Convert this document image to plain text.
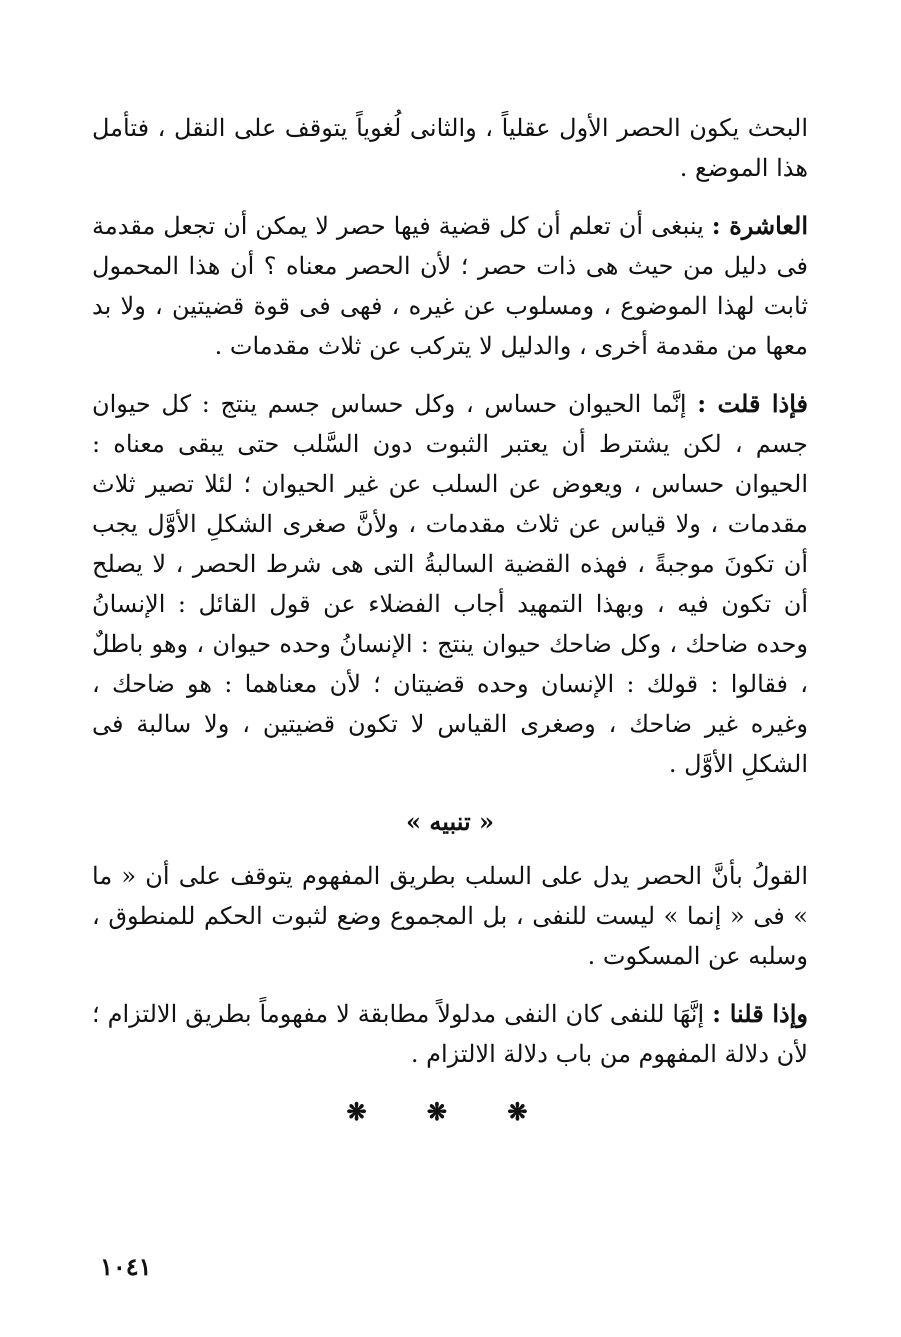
البحث يكون الحصر الأول عقلياً ، والثانى لُغوياً يتوقف على النقل ، فتأمل هذا الموضع .

العاشرة : ينبغى أن تعلم أن كل قضية فيها حصر لا يمكن أن تجعل مقدمة فى دليل من حيث هى ذات حصر ؛ لأن الحصر معناه ؟ أن هذا المحمول ثابت لهذا الموضوع ، ومسلوب عن غيره ، فهى فى قوة قضيتين ، ولا بد معها من مقدمة أخرى ، والدليل لا يتركب عن ثلاث مقدمات .

فإذا قلت : إنَّما الحيوان حساس ، وكل حساس جسم ينتج : كل حيوان جسم ، لكن يشترط أن يعتبر الثبوت دون السَّلب حتى يبقى معناه : الحيوان حساس ، ويعوض عن السلب عن غير الحيوان ؛ لئلا تصير ثلاث مقدمات ، ولا قياس عن ثلاث مقدمات ، ولأنَّ صغرى الشكلِ الأوَّل يجب أن تكونَ موجبةً ، فهذه القضية السالبةُ التى هى شرط الحصر ، لا يصلح أن تكون فيه ، وبهذا التمهيد أجاب الفضلاء عن قول القائل : الإنسانُ وحده ضاحك ، وكل ضاحك حيوان ينتج : الإنسانُ وحده حيوان ، وهو باطلٌ ، فقالوا : قولك : الإنسان وحده قضيتان ؛ لأن معناهما : هو ضاحك ، وغيره غير ضاحك ، وصغرى القياس لا تكون قضيتين ، ولا سالبة فى الشكلِ الأوَّل .

« تنبيه »

القولُ بأنَّ الحصر يدل على السلب بطريق المفهوم يتوقف على أن « ما » فى « إنما » ليست للنفى ، بل المجموع وضع لثبوت الحكم للمنطوق ، وسلبه عن المسكوت .

وإذا قلنا : إنَّهَا للنفى كان النفى مدلولاً مطابقة لا مفهوماً بطريق الالتزام ؛ لأن دلالة المفهوم من باب دلالة الالتزام .

❋ ❋ ❋
١٠٤١
